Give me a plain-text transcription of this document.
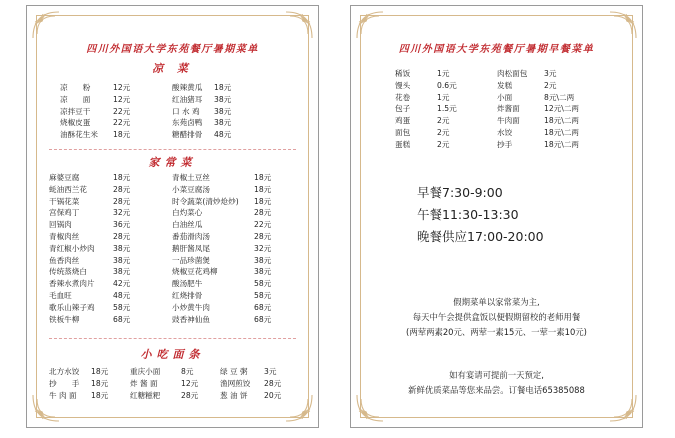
四川外国语大学东苑餐厅暑期菜单
凉 菜
凉　　粉	12元	酸辣黄瓜 18元
凉　　面	12元	红油猪耳 38元
凉拌豆干	22元	口 水 鸡 38元
烧椒皮蛋	22元	东苑卤鸭 38元
油酥花生米 18元	糖醋排骨 48元
家常菜
麻婆豆腐	18元	青椒土豆丝	18元
蚝油西兰花	28元	小菜豆腐汤	18元
干锅花菜	28元	时令蔬菜(清炒炝炒) 18元
宫保鸡丁	32元	白灼菜心	28元
回锅肉	36元	白油丝瓜	22元
青椒肉丝	28元	番茄滑肉汤	28元
青红椒小炒肉 38元	鹅肝酱凤尾	32元
鱼香肉丝	38元	一品珍菌煲	38元
传统蒸烧白	38元	烧椒豆花鸡柳	38元
香辣水煮肉片 42元	酸汤肥牛	58元
毛血旺	48元	红烧排骨	58元
歌乐山辣子鸡 58元	小炒黄牛肉	68元
铁板牛柳	68元	豉香神仙鱼	68元
小吃面条
北方水饺 18元	重庆小面	8元	绿 豆 粥 3元
抄　　手 18元	炸 酱 面	12元	渔网煎饺 28元
牛 肉 面 18元	红糖糍粑	28元	葱 油 饼 20元
四川外国语大学东苑餐厅暑期早餐菜单
稀饭	1元	肉松面包 3元
馒头	0.6元	发糕	2元
花卷	1元	小面	8元\二两
包子	1.5元	炸酱面	12元\二两
鸡蛋	2元	牛肉面	18元\二两
面包	2元	水饺	18元\二两
蛋糕	2元	抄手	18元\二两
早餐7:30-9:00
午餐11:30-13:30
晚餐供应17:00-20:00
假期菜单以家常菜为主,
每天中午会提供盒饭以便假期留校的老师用餐
(两荤两素20元、两荤一素15元、一荤一素10元)
如有宴请可提前一天预定,
新鲜优质菜品等您来品尝。订餐电话65385088
